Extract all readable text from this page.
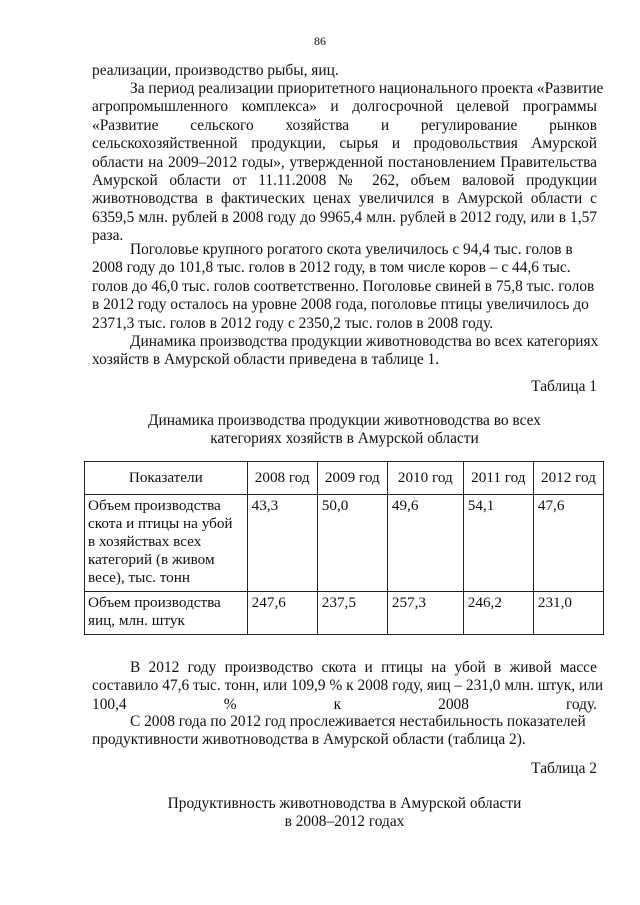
86

реализации, производство рыбы, яиц.

За период реализации приоритетного национального проекта «Развитие
агропромышленного комплекса» и долгосрочной целевой программы
«Развитие сельского хозяйства и регулирование рынков
сельскохозяйственной продукции, сырья и продовольствия Амурской
области на 2009–2012 годы», утвержденной постановлением Правительства
Амурской области от 11.11.2008 № 262, объем валовой продукции
животноводства в фактических ценах увеличился в Амурской области с
6359,5 млн. рублей в 2008 году до 9965,4 млн. рублей в 2012 году, или в 1,57
раза.

Поголовье крупного рогатого скота увеличилось с 94,4 тыс. голов в
2008 году до 101,8 тыс. голов в 2012 году, в том числе коров – с 44,6 тыс.
голов до 46,0 тыс. голов соответственно. Поголовье свиней в 75,8 тыс. голов
в 2012 году осталось на уровне 2008 года, поголовье птицы увеличилось до
2371,3 тыс. голов в 2012 году с 2350,2 тыс. голов в 2008 году.

Динамика производства продукции животноводства во всех категориях
хозяйств в Амурской области приведена в таблице 1.

Таблица 1

Динамика производства продукции животноводства во всех
категориях хозяйств в Амурской области

Показатели	2008 год	2009 год	2010 год	2011 год	2012 год

Объем производства
скота и птицы на убой
в хозяйствах всех
категорий (в живом
весе), тыс. тонн	43,3	50,0	49,6	54,1	47,6

Объем производства
яиц, млн. штук	247,6	237,5	257,3	246,2	231,0

В 2012 году производство скота и птицы на убой в живой массе
составило 47,6 тыс. тонн, или 109,9 % к 2008 году, яиц – 231,0 млн. штук, или
100,4 % к 2008 году.

С 2008 года по 2012 год прослеживается нестабильность показателей
продуктивности животноводства в Амурской области (таблица 2).

Таблица 2

Продуктивность животноводства в Амурской области
в 2008–2012 годах
